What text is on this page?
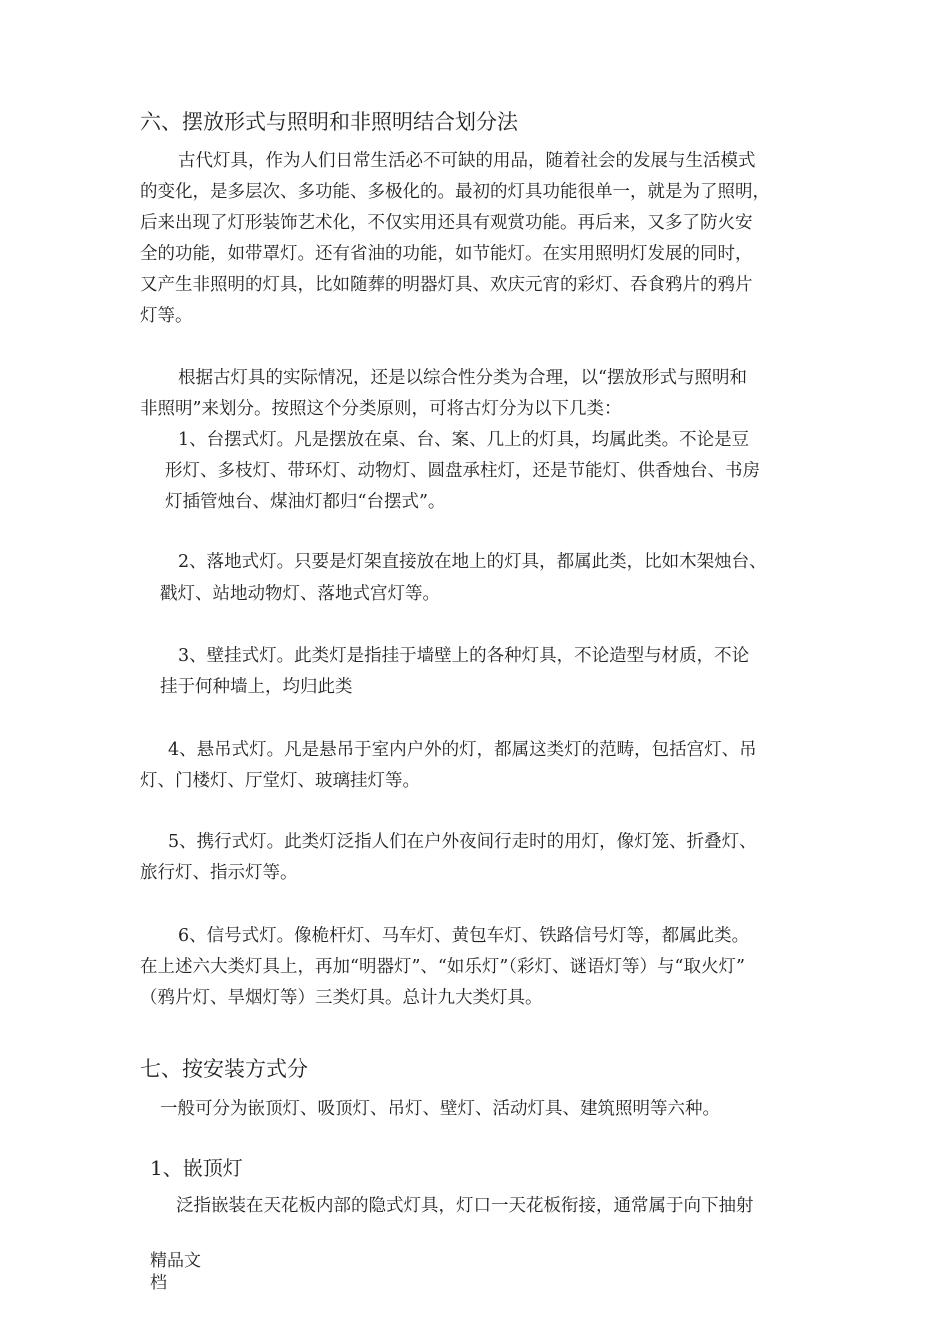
六、摆放形式与照明和非照明结合划分法
古代灯具，作为人们日常生活必不可缺的用品，随着社会的发展与生活模式
的变化，是多层次、多功能、多极化的。最初的灯具功能很单一，就是为了照明，
后来出现了灯形装饰艺术化，不仅实用还具有观赏功能。再后来，又多了防火安
全的功能，如带罩灯。还有省油的功能，如节能灯。在实用照明灯发展的同时，
又产生非照明的灯具，比如随葬的明器灯具、欢庆元宵的彩灯、吞食鸦片的鸦片
灯等。
根据古灯具的实际情况，还是以综合性分类为合理，以“摆放形式与照明和
非照明”来划分。按照这个分类原则，可将古灯分为以下几类：
1、台摆式灯。凡是摆放在桌、台、案、几上的灯具，均属此类。不论是豆
形灯、多枝灯、带环灯、动物灯、圆盘承柱灯，还是节能灯、供香烛台、书房
灯插管烛台、煤油灯都归“台摆式”。
2、落地式灯。只要是灯架直接放在地上的灯具，都属此类，比如木架烛台、
戳灯、站地动物灯、落地式宫灯等。
3、壁挂式灯。此类灯是指挂于墙壁上的各种灯具，不论造型与材质，不论
挂于何种墙上，均归此类
4、悬吊式灯。凡是悬吊于室内户外的灯，都属这类灯的范畴，包括宫灯、吊
灯、门楼灯、厅堂灯、玻璃挂灯等。
5、携行式灯。此类灯泛指人们在户外夜间行走时的用灯，像灯笼、折叠灯、
旅行灯、指示灯等。
6、信号式灯。像桅杆灯、马车灯、黄包车灯、铁路信号灯等，都属此类。
在上述六大类灯具上，再加“明器灯”、“如乐灯”（彩灯、谜语灯等）与“取火灯”
（鸦片灯、旱烟灯等）三类灯具。总计九大类灯具。
七、按安装方式分
一般可分为嵌顶灯、吸顶灯、吊灯、壁灯、活动灯具、建筑照明等六种。
1、嵌顶灯
泛指嵌装在天花板内部的隐式灯具，灯口一天花板衔接，通常属于向下抽射
精品文
档
